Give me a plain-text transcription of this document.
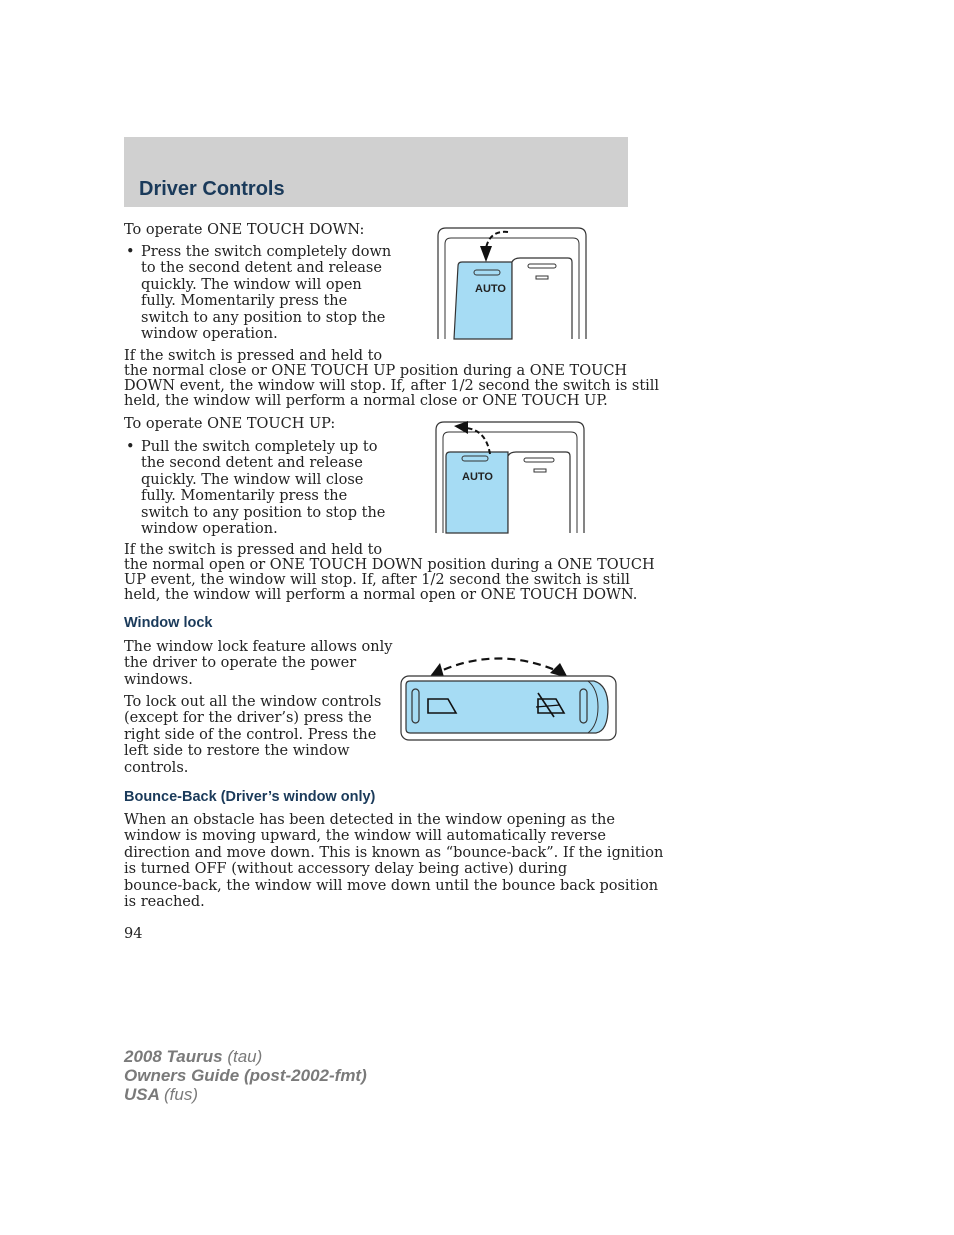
Driver Controls
To operate ONE TOUCH DOWN:
• Press the switch completely down
to the second detent and release
quickly. The window will open
fully. Momentarily press the
switch to any position to stop the
window operation.
If the switch is pressed and held to
the normal close or ONE TOUCH UP position during a ONE TOUCH
DOWN event, the window will stop. If, after 1/2 second the switch is still
held, the window will perform a normal close or ONE TOUCH UP.
AUTO
To operate ONE TOUCH UP:
• Pull the switch completely up to
the second detent and release
quickly. The window will close
fully. Momentarily press the
switch to any position to stop the
window operation.
If the switch is pressed and held to
the normal open or ONE TOUCH DOWN position during a ONE TOUCH
UP event, the window will stop. If, after 1/2 second the switch is still
held, the window will perform a normal open or ONE TOUCH DOWN.
AUTO
Window lock
The window lock feature allows only
the driver to operate the power
windows.
To lock out all the window controls
(except for the driver’s) press the
right side of the control. Press the
left side to restore the window
controls.
Bounce-Back (Driver’s window only)
When an obstacle has been detected in the window opening as the
window is moving upward, the window will automatically reverse
direction and move down. This is known as “bounce-back”. If the ignition
is turned OFF (without accessory delay being active) during
bounce-back, the window will move down until the bounce back position
is reached.
94
2008 Taurus (tau)
Owners Guide (post-2002-fmt)
USA (fus)
